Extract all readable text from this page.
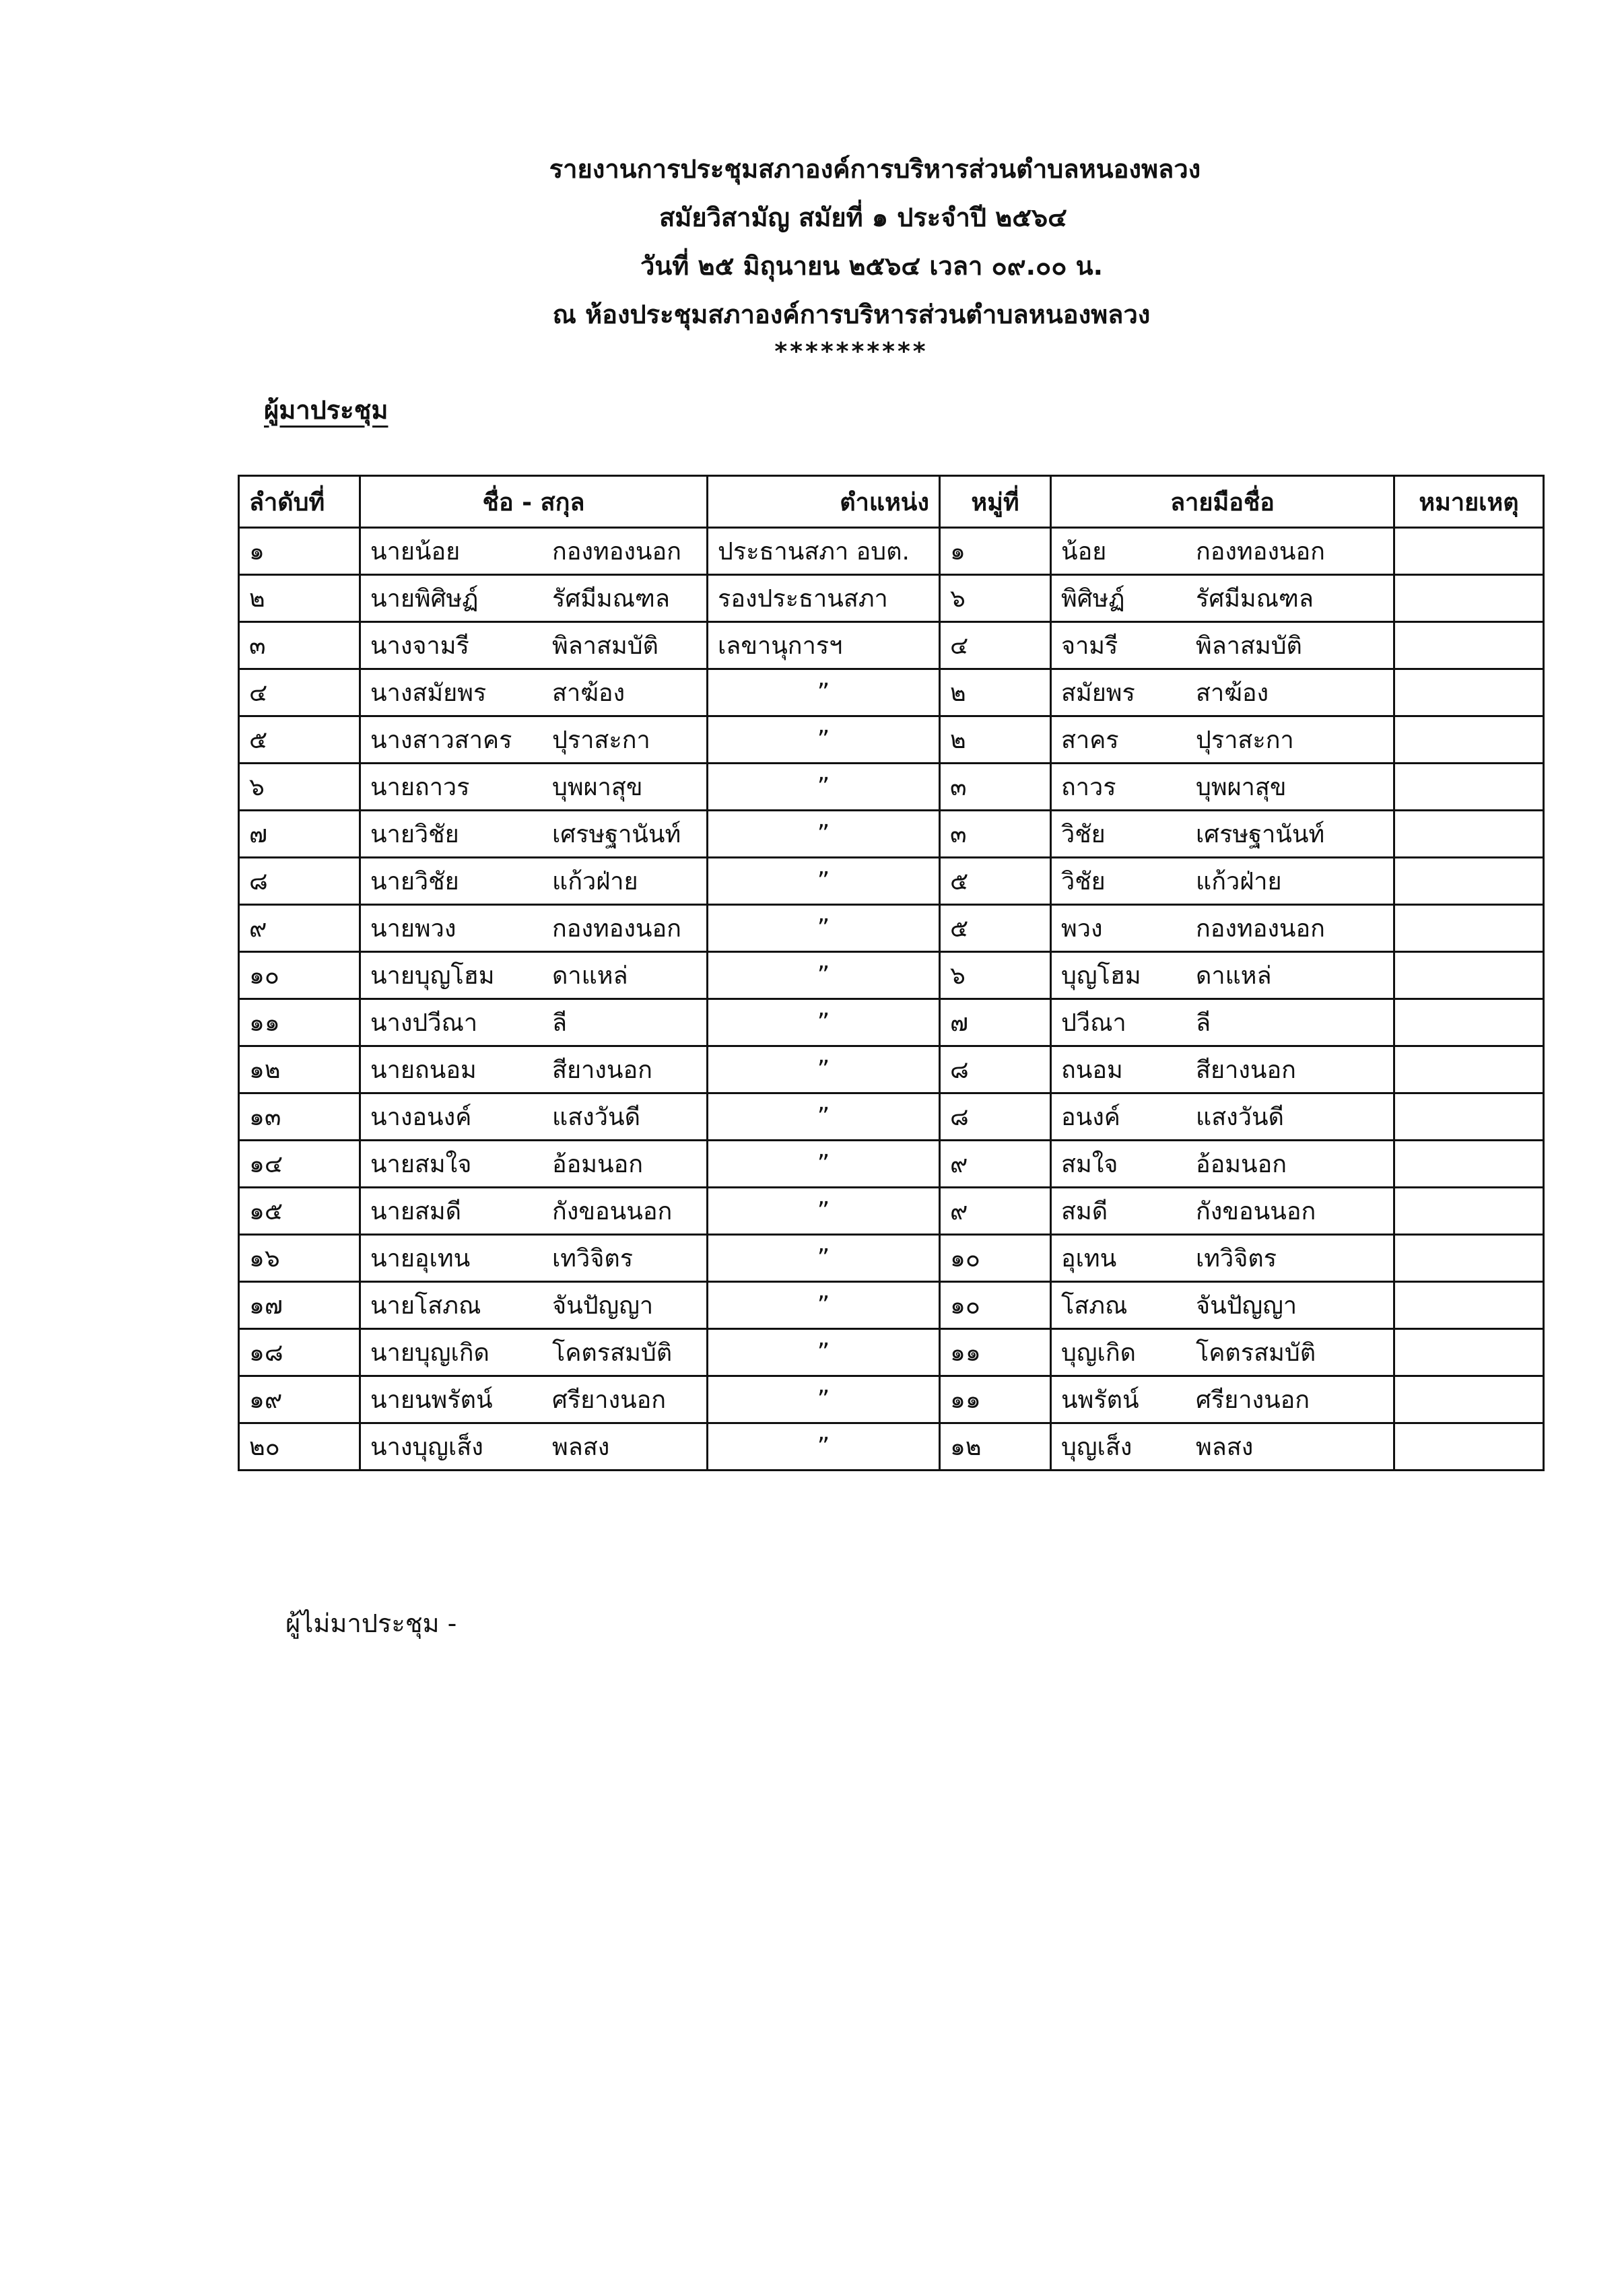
รายงานการประชุมสภาองค์การบริหารส่วนตำบลหนองพลวง
สมัยวิสามัญ สมัยที่ ๑ ประจำปี ๒๕๖๔
วันที่ ๒๕ มิถุนายน ๒๕๖๔ เวลา ๐๙.๐๐ น.
ณ ห้องประชุมสภาองค์การบริหารส่วนตำบลหนองพลวง
**********
ผู้มาประชุม
ลำดับที่	ชื่อ - สกุล	ตำแหน่ง	หมู่ที่	ลายมือชื่อ	หมายเหตุ
๑	นายน้อย กองทองนอก	ประธานสภา อบต.	๑	น้อย กองทองนอก	
๒	นายพิศิษฏ์ รัศมีมณฑล	รองประธานสภา	๖	พิศิษฏ์ รัศมีมณฑล	
๓	นางจามรี พิลาสมบัติ	เลขานุการฯ	๔	จามรี พิลาสมบัติ	
๔	นางสมัยพร สาฆ้อง	”	๒	สมัยพร สาฆ้อง	
๕	นางสาวสาคร ปุราสะกา	”	๒	สาคร ปุราสะกา	
๖	นายถาวร บุพผาสุข	”	๓	ถาวร บุพผาสุข	
๗	นายวิชัย เศรษฐานันท์	”	๓	วิชัย เศรษฐานันท์	
๘	นายวิชัย แก้วฝ่าย	”	๕	วิชัย แก้วฝ่าย	
๙	นายพวง กองทองนอก	”	๕	พวง กองทองนอก	
๑๐	นายบุญโฮม ดาแหล่	”	๖	บุญโฮม ดาแหล่	
๑๑	นางปวีณา ลี	”	๗	ปวีณา ลี	
๑๒	นายถนอม สียางนอก	”	๘	ถนอม สียางนอก	
๑๓	นางอนงค์ แสงวันดี	”	๘	อนงค์ แสงวันดี	
๑๔	นายสมใจ อ้อมนอก	”	๙	สมใจ อ้อมนอก	
๑๕	นายสมดี กังขอนนอก	”	๙	สมดี กังขอนนอก	
๑๖	นายอุเทน เทวิจิตร	”	๑๐	อุเทน เทวิจิตร	
๑๗	นายโสภณ จันปัญญา	”	๑๐	โสภณ จันปัญญา	
๑๘	นายบุญเกิด โคตรสมบัติ	”	๑๑	บุญเกิด โคตรสมบัติ	
๑๙	นายนพรัตน์ ศรียางนอก	”	๑๑	นพรัตน์ ศรียางนอก	
๒๐	นางบุญเส็ง พลสง	”	๑๒	บุญเส็ง พลสง	
ผู้ไม่มาประชุม -
